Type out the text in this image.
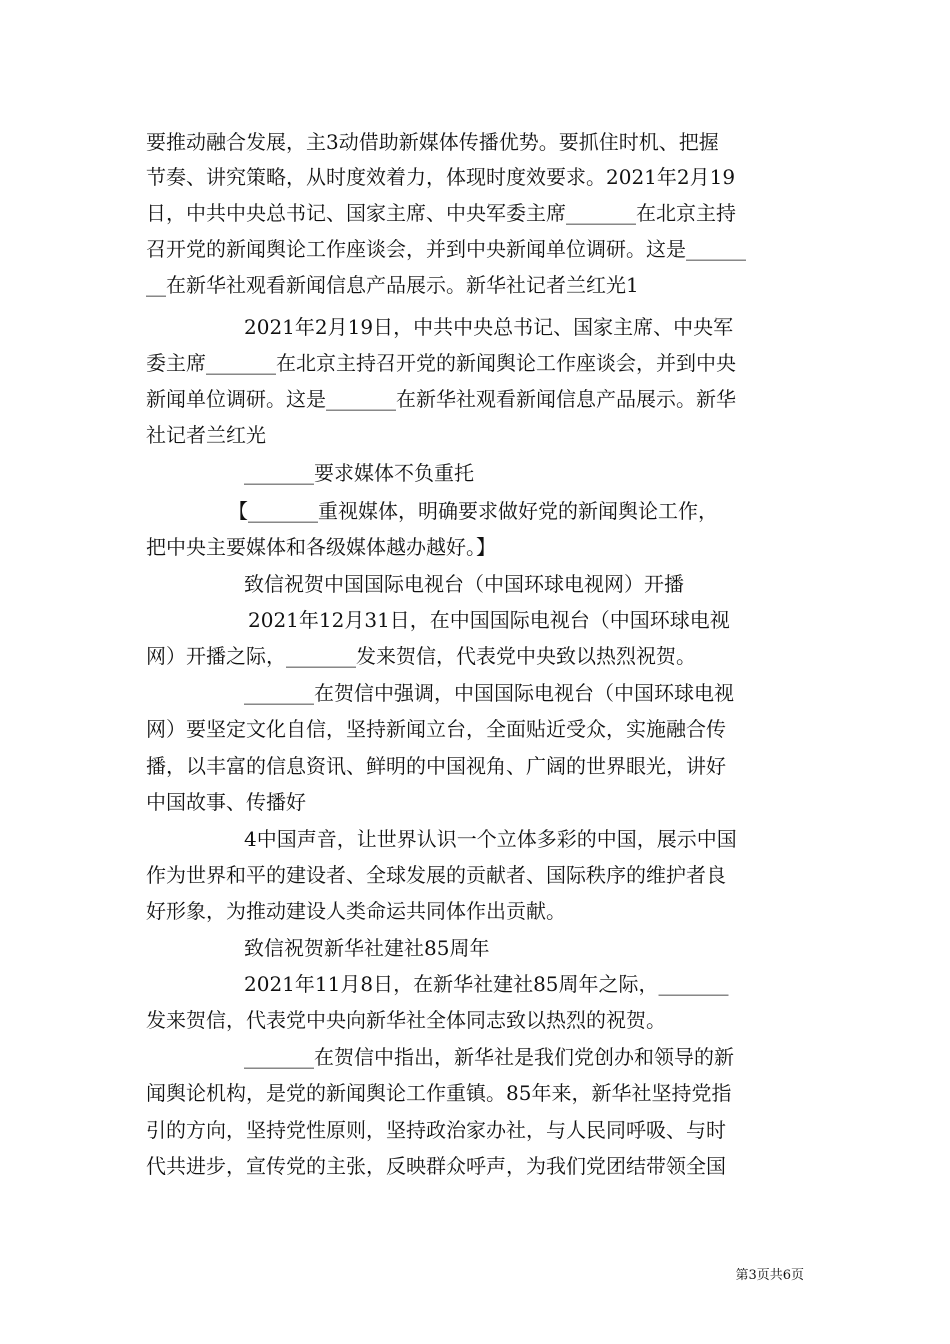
要推动融合发展，主3动借助新媒体传播优势。要抓住时机、把握
节奏、讲究策略，从时度效着力，体现时度效要求。2021年2月19
日，中共中央总书记、国家主席、中央军委主席_______在北京主持
召开党的新闻舆论工作座谈会，并到中央新闻单位调研。这是______
__在新华社观看新闻信息产品展示。新华社记者兰红光1
2021年2月19日，中共中央总书记、国家主席、中央军
委主席_______在北京主持召开党的新闻舆论工作座谈会，并到中央
新闻单位调研。这是_______在新华社观看新闻信息产品展示。新华
社记者兰红光
_______要求媒体不负重托
【_______重视媒体，明确要求做好党的新闻舆论工作，
把中央主要媒体和各级媒体越办越好。】
致信祝贺中国国际电视台（中国环球电视网）开播
2021年12月31日，在中国国际电视台（中国环球电视
网）开播之际，_______发来贺信，代表党中央致以热烈祝贺。
_______在贺信中强调，中国国际电视台（中国环球电视
网）要坚定文化自信，坚持新闻立台，全面贴近受众，实施融合传
播，以丰富的信息资讯、鲜明的中国视角、广阔的世界眼光，讲好
中国故事、传播好
4中国声音，让世界认识一个立体多彩的中国，展示中国
作为世界和平的建设者、全球发展的贡献者、国际秩序的维护者良
好形象，为推动建设人类命运共同体作出贡献。
致信祝贺新华社建社85周年
2021年11月8日，在新华社建社85周年之际，_______
发来贺信，代表党中央向新华社全体同志致以热烈的祝贺。
_______在贺信中指出，新华社是我们党创办和领导的新
闻舆论机构，是党的新闻舆论工作重镇。85年来，新华社坚持党指
引的方向，坚持党性原则，坚持政治家办社，与人民同呼吸、与时
代共进步，宣传党的主张，反映群众呼声，为我们党团结带领全国
第3页共6页
